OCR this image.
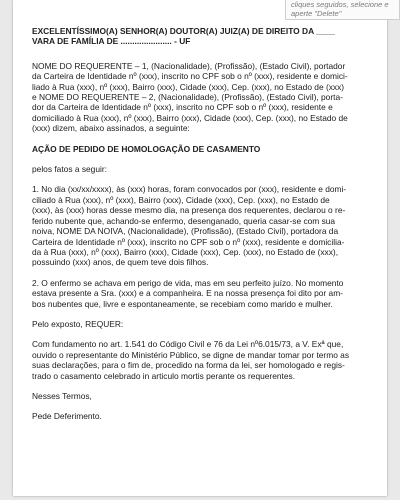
cliques seguidos, selecione e
aperte "Delete"
EXCELENTÍSSIMO(A) SENHOR(A) DOUTOR(A) JUIZ(A) DE DIREITO DA ____
VARA DE FAMÍLIA DE ...................... - UF
NOME DO REQUERENTE – 1, (Nacionalidade), (Profissão), (Estado Civil), portador
da Carteira de Identidade nº (xxx), inscrito no CPF sob o nº (xxx), residente e domici-
liado à Rua (xxx), nº (xxx), Bairro (xxx), Cidade (xxx), Cep. (xxx), no Estado de (xxx)
e NOME DO REQUERENTE – 2, (Nacionalidade), (Profissão), (Estado Civil), porta-
dor da Carteira de Identidade nº (xxx), inscrito no CPF sob o nº (xxx), residente e
domiciliado à Rua (xxx), nº (xxx), Bairro (xxx), Cidade (xxx), Cep. (xxx), no Estado de
(xxx) dizem, abaixo assinados, a seguinte:
AÇÃO DE PEDIDO DE HOMOLOGAÇÃO DE CASAMENTO
pelos fatos a seguir:
1. No dia (xx/xx/xxxx), às (xxx) horas, foram convocados por (xxx), residente e domi-
ciliado à Rua (xxx), nº (xxx), Bairro (xxx), Cidade (xxx), Cep. (xxx), no Estado de
(xxx), às (xxx) horas desse mesmo dia, na presença dos requerentes, declarou o re-
ferido nubente que, achando-se enfermo, desenganado, queria casar-se com sua
noiva, NOME DA NOIVA, (Nacionalidade), (Profissão), (Estado Civil), portadora da
Carteira de Identidade nº (xxx), inscrito no CPF sob o nº (xxx), residente e domicilia-
da à Rua (xxx), nº (xxx), Bairro (xxx), Cidade (xxx), Cep. (xxx), no Estado de (xxx),
possuindo (xxx) anos, de quem teve dois filhos.
2. O enfermo se achava em perigo de vida, mas em seu perfeito juízo. No momento
estava presente a Sra. (xxx) e a companheira. E na nossa presença foi dito por am-
bos nubentes que, livre e espontaneamente, se recebiam como marido e mulher.
Pelo exposto, REQUER:
Com fundamento no art. 1.541 do Código Civil e 76 da Lei nº6.015/73, a V. Exª que,
ouvido o representante do Ministério Público, se digne de mandar tomar por termo as
suas declarações, para o fim de, procedido na forma da lei, ser homologado e regis-
trado o casamento celebrado in articulo mortis perante os requerentes.
Nesses Termos,
Pede Deferimento.
